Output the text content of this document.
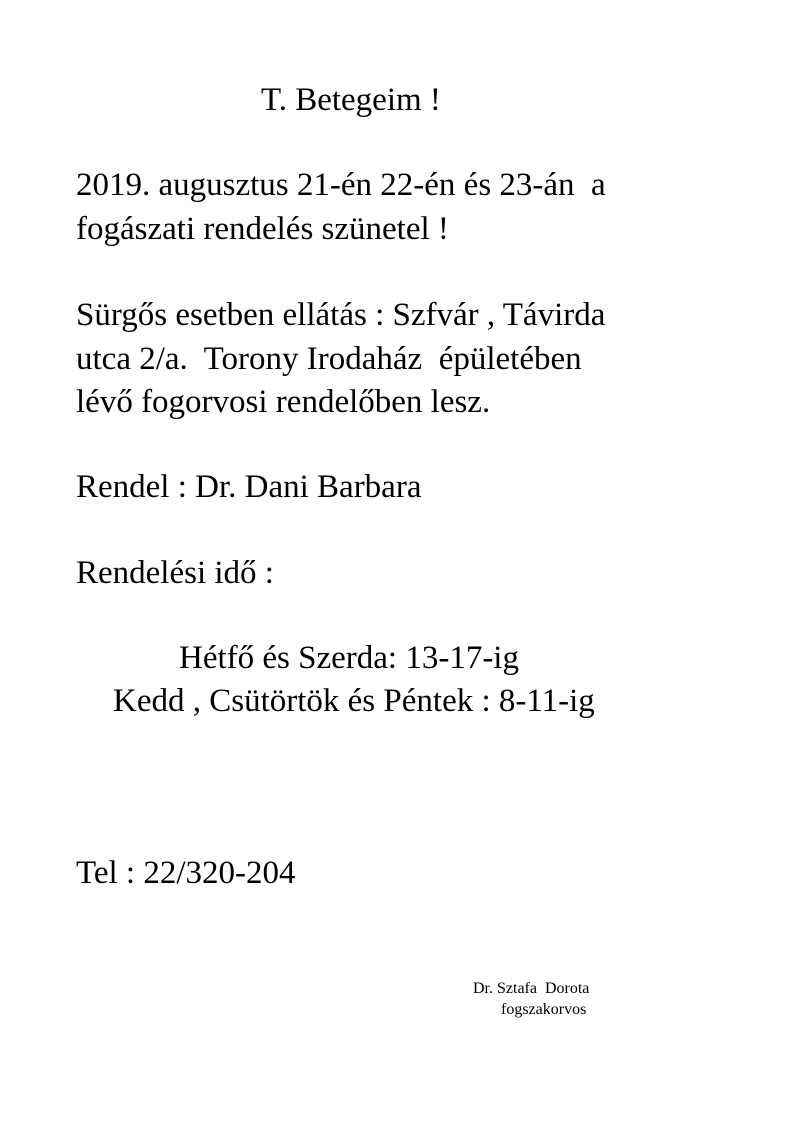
T. Betegeim !
2019. augusztus 21-én 22-én és 23-án  a
fogászati rendelés szünetel !
Sürgős esetben ellátás : Szfvár , Távirda
utca 2/a.  Torony Irodaház  épületében
lévő fogorvosi rendelőben lesz.
Rendel : Dr. Dani Barbara
Rendelési idő :
Hétfő és Szerda: 13-17-ig
Kedd , Csütörtök és Péntek : 8-11-ig
Tel : 22/320-204
Dr. Sztafa  Dorota
fogszakorvos
